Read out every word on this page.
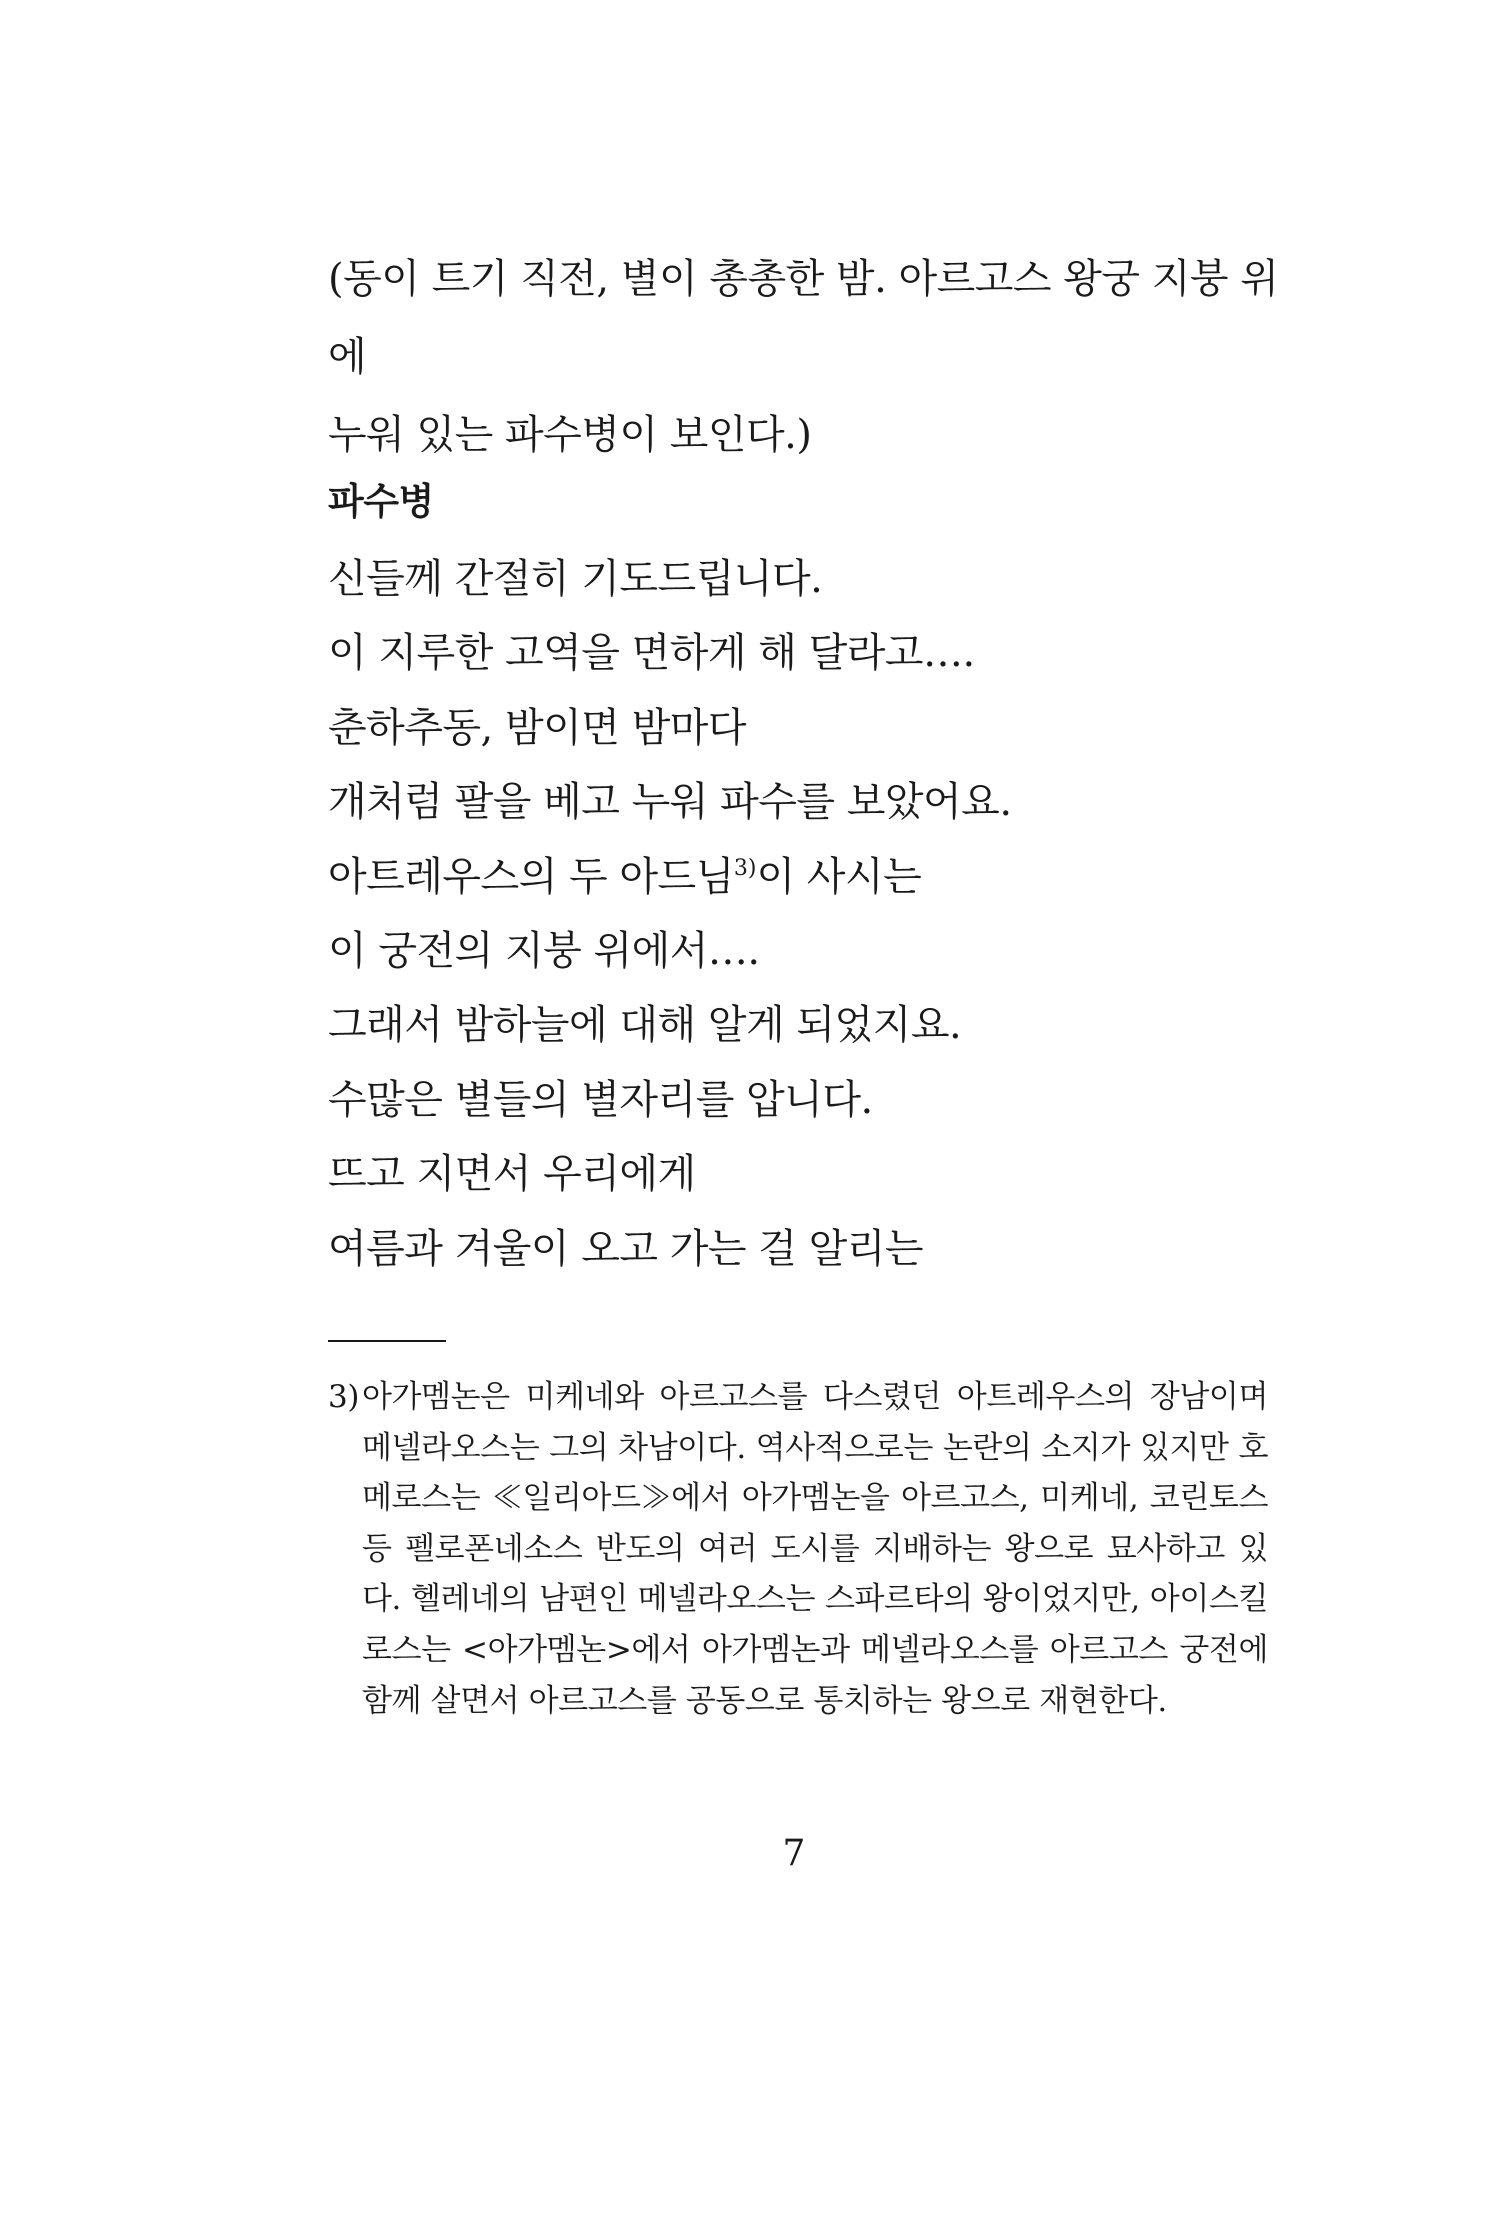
(동이 트기 직전, 별이 총총한 밤. 아르고스 왕궁 지붕 위에

누워 있는 파수병이 보인다.)

파수병
신들께 간절히 기도드립니다.
이 지루한 고역을 면하게 해 달라고….
춘하추동, 밤이면 밤마다
개처럼 팔을 베고 누워 파수를 보았어요.
아트레우스의 두 아드님$^{3)}$이 사시는
이 궁전의 지붕 위에서….
그래서 밤하늘에 대해 알게 되었지요.
수많은 별들의 별자리를 압니다.
뜨고 지면서 우리에게
여름과 겨울이 오고 가는 걸 알리는
3) 아가멤논은 미케네와 아르고스를 다스렸던 아트레우스의 장남이며 메넬라오스는 그의 차남이다. 역사적으로는 논란의 소지가 있지만 호메로스는 ≪일리아드≫에서 아가멤논을 아르고스, 미케네, 코린토스 등 펠로폰네소스 반도의 여러 도시를 지배하는 왕으로 묘사하고 있다. 헬레네의 남편인 메넬라오스는 스파르타의 왕이었지만, 아이스킬로스는 <아가멤논>에서 아가멤논과 메넬라오스를 아르고스 궁전에 함께 살면서 아르고스를 공동으로 통치하는 왕으로 재현한다.
7
